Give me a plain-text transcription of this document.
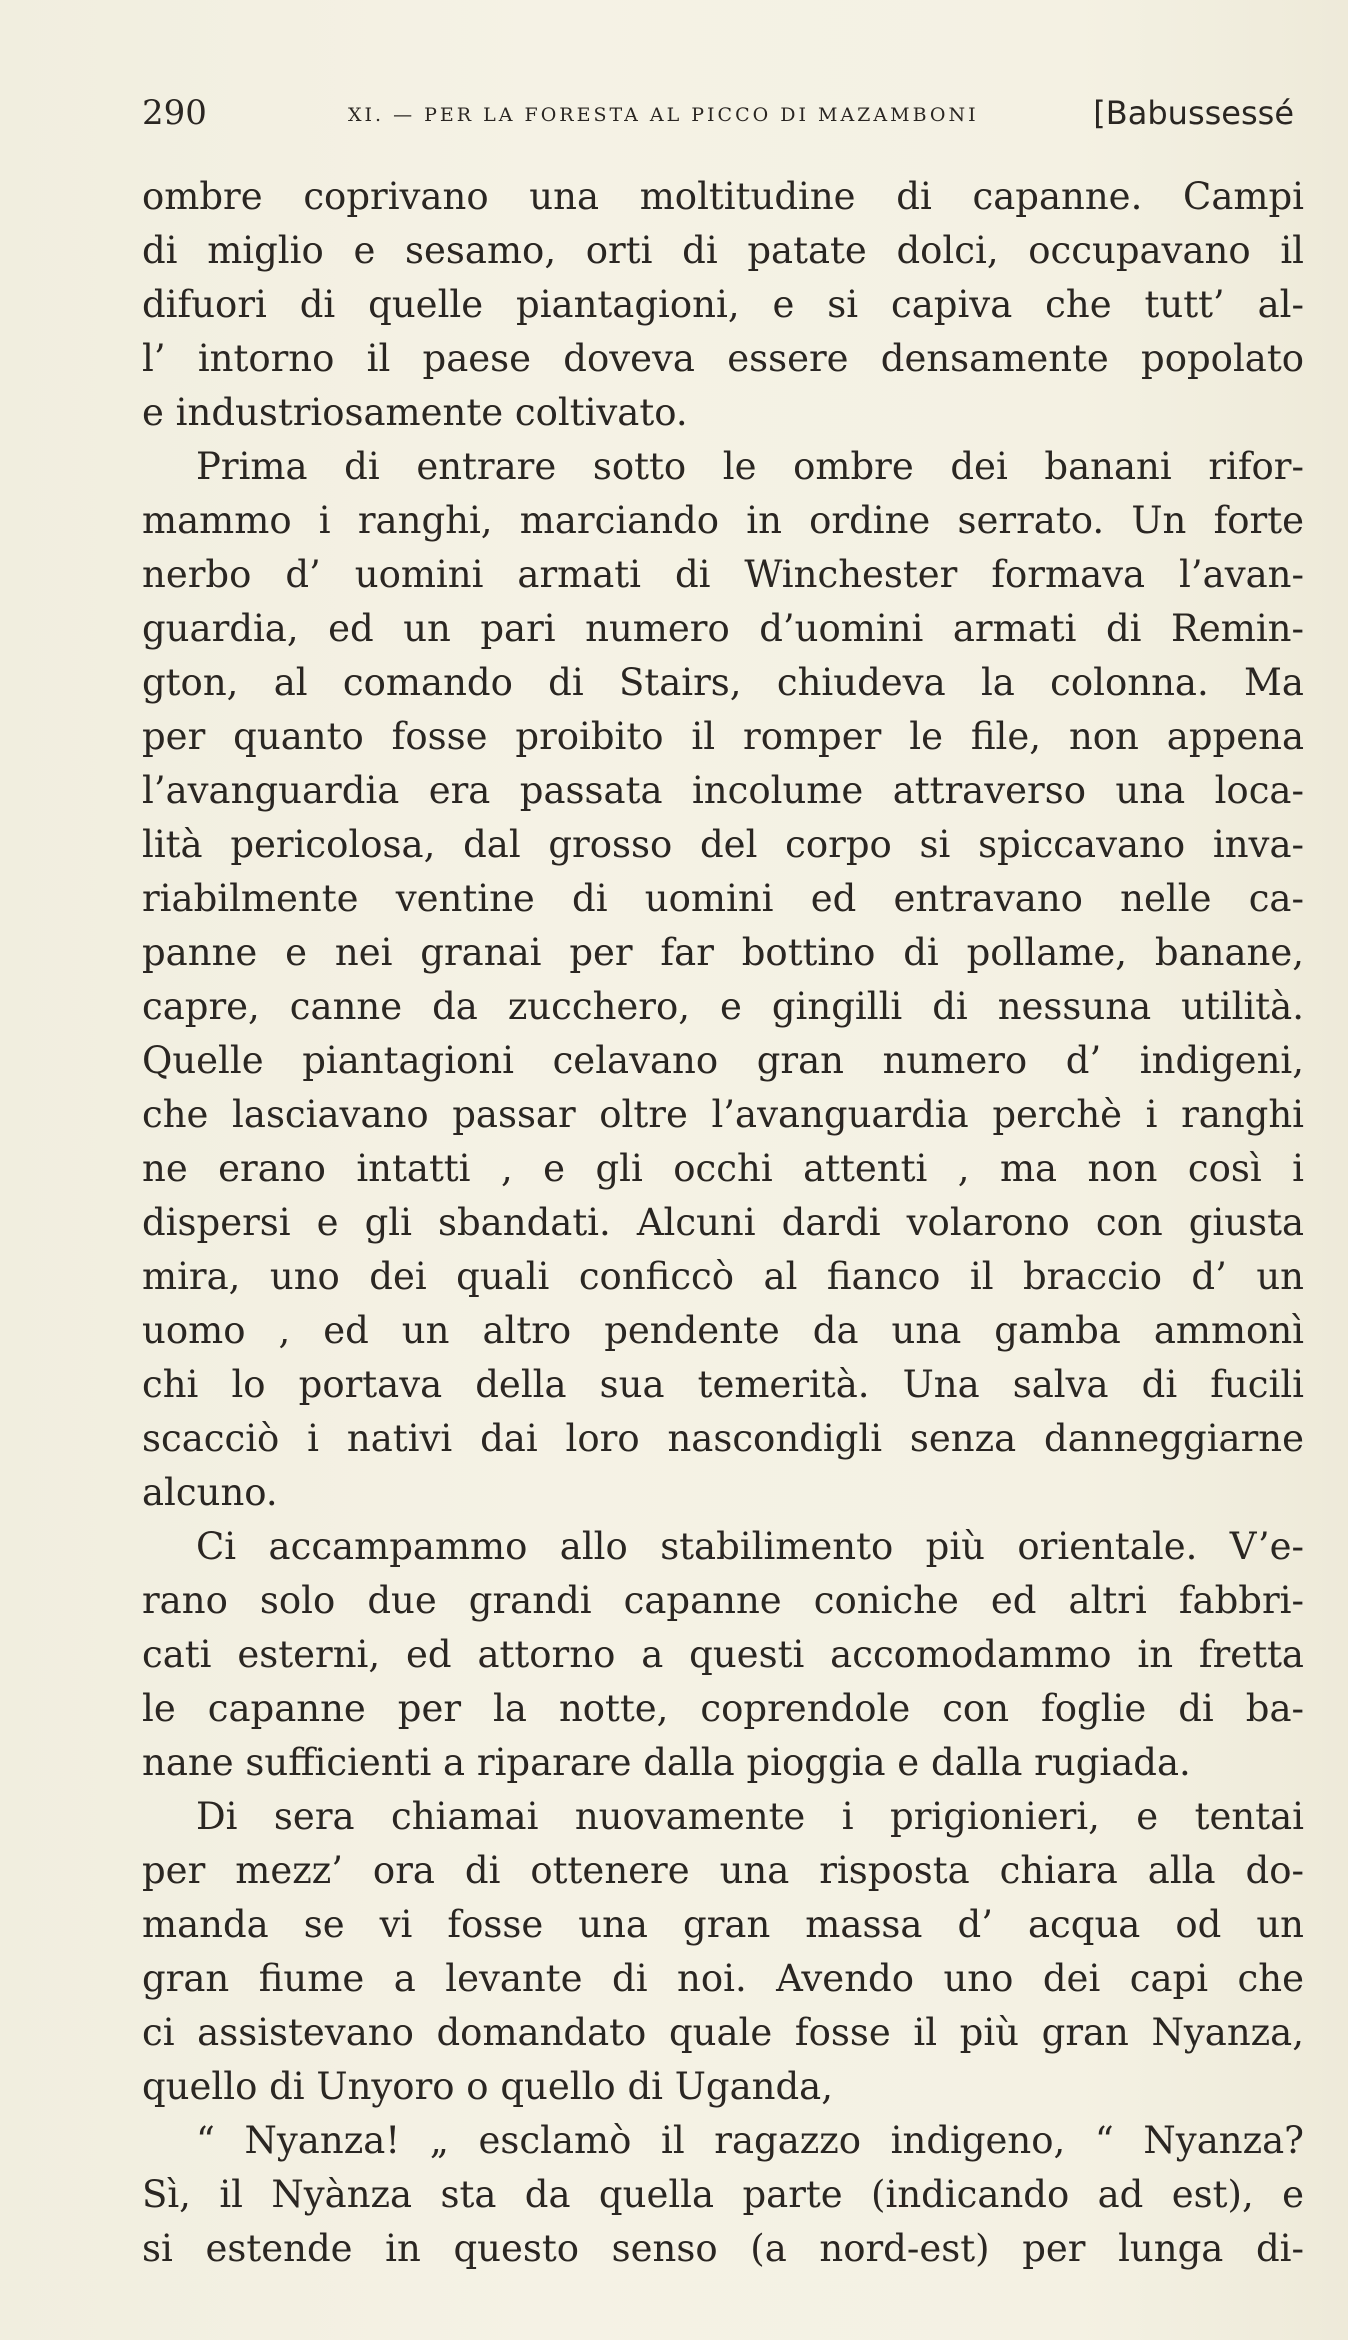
290	XI. — PER LA FORESTA AL PICCO DI MAZAMBONI	[Babussessé
ombre coprivano una moltitudine di capanne. Campi
di miglio e sesamo, orti di patate dolci, occupavano il
difuori di quelle piantagioni, e si capiva che tutt’ al-
l’ intorno il paese doveva essere densamente popolato
e industriosamente coltivato.
Prima di entrare sotto le ombre dei banani rifor-
mammo i ranghi, marciando in ordine serrato. Un forte
nerbo d’ uomini armati di Winchester formava l’avan-
guardia, ed un pari numero d’uomini armati di Remin-
gton, al comando di Stairs, chiudeva la colonna. Ma
per quanto fosse proibito il romper le file, non appena
l’avanguardia era passata incolume attraverso una loca-
lità pericolosa, dal grosso del corpo si spiccavano inva-
riabilmente ventine di uomini ed entravano nelle ca-
panne e nei granai per far bottino di pollame, banane,
capre, canne da zucchero, e gingilli di nessuna utilità.
Quelle piantagioni celavano gran numero d’ indigeni,
che lasciavano passar oltre l’avanguardia perchè i ranghi
ne erano intatti , e gli occhi attenti , ma non così i
dispersi e gli sbandati. Alcuni dardi volarono con giusta
mira, uno dei quali conficcò al fianco il braccio d’ un
uomo , ed un altro pendente da una gamba ammonì
chi lo portava della sua temerità. Una salva di fucili
scacciò i nativi dai loro nascondigli senza danneggiarne
alcuno.
Ci accampammo allo stabilimento più orientale. V’e-
rano solo due grandi capanne coniche ed altri fabbri-
cati esterni, ed attorno a questi accomodammo in fretta
le capanne per la notte, coprendole con foglie di ba-
nane sufficienti a riparare dalla pioggia e dalla rugiada.
Di sera chiamai nuovamente i prigionieri, e tentai
per mezz’ ora di ottenere una risposta chiara alla do-
manda se vi fosse una gran massa d’ acqua od un
gran fiume a levante di noi. Avendo uno dei capi che
ci assistevano domandato quale fosse il più gran Nyanza,
quello di Unyoro o quello di Uganda,
“ Nyanza! „ esclamò il ragazzo indigeno, “ Nyanza?
Sì, il Nyànza sta da quella parte (indicando ad est), e
si estende in questo senso (a nord-est) per lunga di-
